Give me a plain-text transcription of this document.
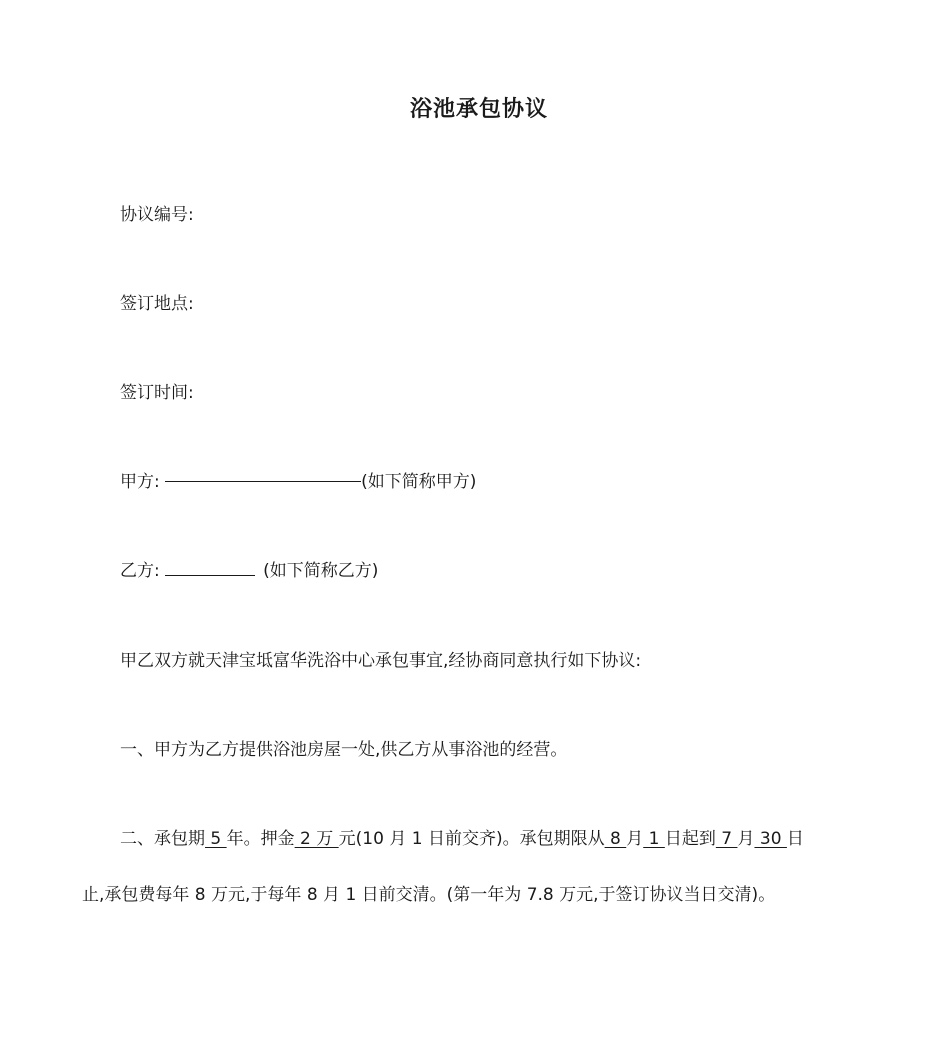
浴池承包协议
协议编号:
签订地点:
签订时间:
甲方:	(如下简称甲方)
乙方:	(如下简称乙方)
甲乙双方就天津宝坻富华洗浴中心承包事宜,经协商同意执行如下协议:
一、甲方为乙方提供浴池房屋一处,供乙方从事浴池的经营。
二、承包期 5 年。押金 2 万 元(10 月 1 日前交齐)。承包期限从 8 月 1 日起到 7 月 30 日
止,承包费每年 8 万元,于每年 8 月 1 日前交清。(第一年为 7.8 万元,于签订协议当日交清)。
